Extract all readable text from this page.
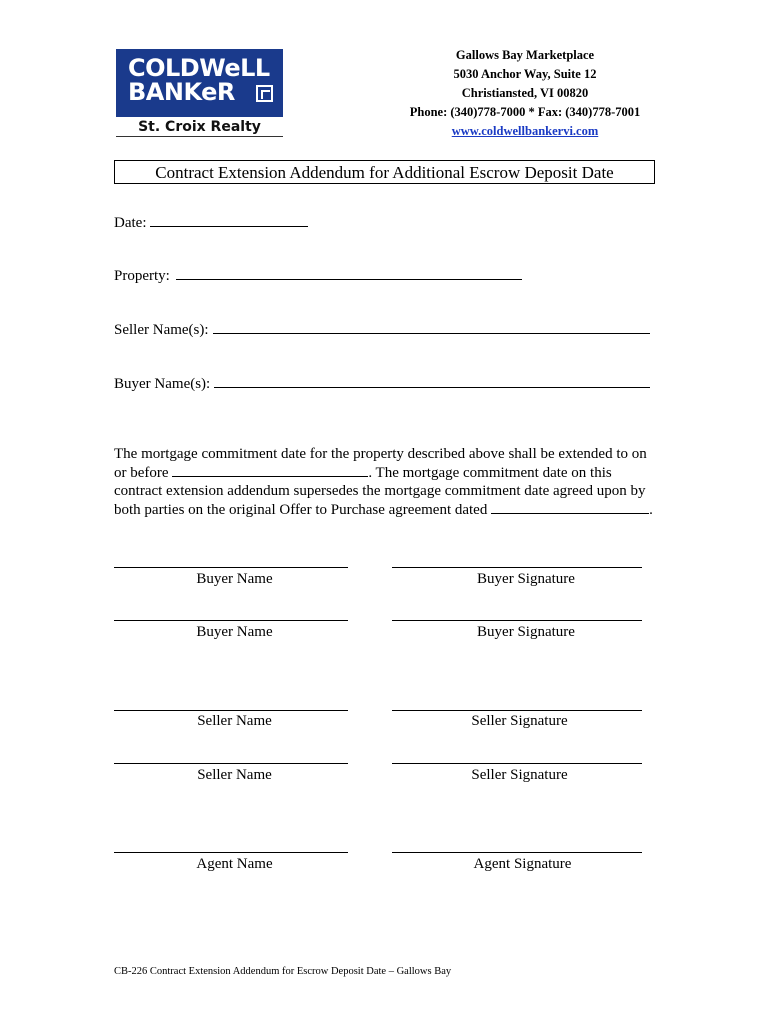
COLDWeLL
BANKeR
St. Croix Realty
Gallows Bay Marketplace
5030 Anchor Way, Suite 12
Christiansted, VI 00820
Phone: (340)778-7000 * Fax: (340)778-7001
www.coldwellbankervi.com
Contract Extension Addendum for Additional Escrow Deposit Date
Date:
Property:
Seller Name(s):
Buyer Name(s):
The mortgage commitment date for the property described above shall be extended to on or before	. The mortgage commitment date on this contract extension addendum supersedes the mortgage commitment date agreed upon by both parties on the original Offer to Purchase agreement dated	.
Buyer Name	Buyer Signature
Buyer Name	Buyer Signature
Seller Name	Seller Signature
Seller Name	Seller Signature
Agent Name	Agent Signature
CB-226 Contract Extension Addendum for Escrow Deposit Date – Gallows Bay
